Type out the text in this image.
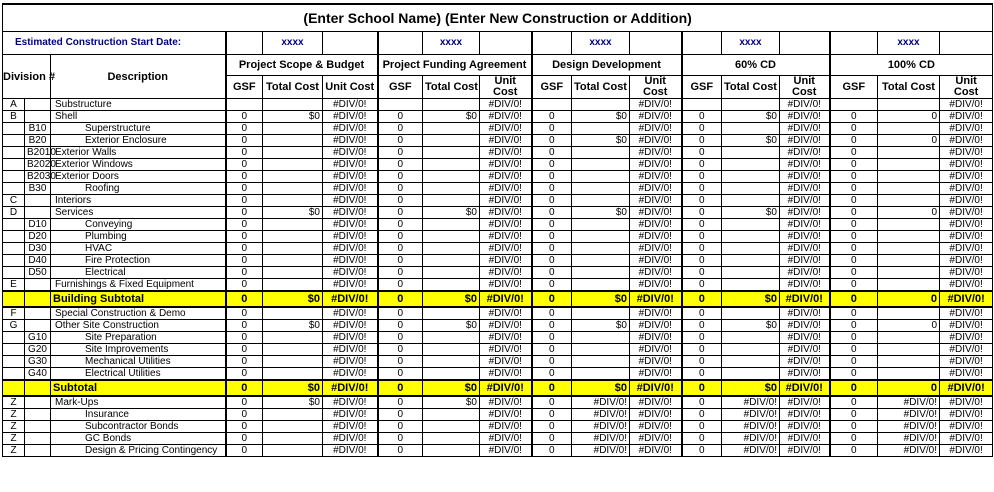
(Enter School Name) (Enter New Construction or Addition)																	
Estimated Construction Start Date:				xxxx			xxxx			xxxx			xxxx			xxxx	
Division #		Description	Project Scope & Budget			Project Funding Agreement			Design Development			60% CD			100% CD		
			GSF	Total Cost	Unit Cost	GSF	Total Cost	Unit Cost	GSF	Total Cost	Unit Cost	GSF	Total Cost	Unit Cost	GSF	Total Cost	Unit Cost
A		Substructure			#DIV/0!			#DIV/0!			#DIV/0!			#DIV/0!			#DIV/0!
B		Shell	0	$0	#DIV/0!	0	$0	#DIV/0!	0	$0	#DIV/0!	0	$0	#DIV/0!	0	0	#DIV/0!
	B10	Superstructure	0		#DIV/0!	0		#DIV/0!	0		#DIV/0!	0		#DIV/0!	0		#DIV/0!
	B20	Exterior Enclosure	0		#DIV/0!	0		#DIV/0!	0	$0	#DIV/0!	0	$0	#DIV/0!	0	0	#DIV/0!
	B2010	Exterior Walls	0		#DIV/0!	0		#DIV/0!	0		#DIV/0!	0		#DIV/0!	0		#DIV/0!
	B2020	Exterior Windows	0		#DIV/0!	0		#DIV/0!	0		#DIV/0!	0		#DIV/0!	0		#DIV/0!
	B2030	Exterior Doors	0		#DIV/0!	0		#DIV/0!	0		#DIV/0!	0		#DIV/0!	0		#DIV/0!
	B30	Roofing	0		#DIV/0!	0		#DIV/0!	0		#DIV/0!	0		#DIV/0!	0		#DIV/0!
C		Interiors	0		#DIV/0!	0		#DIV/0!	0		#DIV/0!	0		#DIV/0!	0		#DIV/0!
D		Services	0	$0	#DIV/0!	0	$0	#DIV/0!	0	$0	#DIV/0!	0	$0	#DIV/0!	0	0	#DIV/0!
	D10	Conveying	0		#DIV/0!	0		#DIV/0!	0		#DIV/0!	0		#DIV/0!	0		#DIV/0!
	D20	Plumbing	0		#DIV/0!	0		#DIV/0!	0		#DIV/0!	0		#DIV/0!	0		#DIV/0!
	D30	HVAC	0		#DIV/0!	0		#DIV/0!	0		#DIV/0!	0		#DIV/0!	0		#DIV/0!
	D40	Fire Protection	0		#DIV/0!	0		#DIV/0!	0		#DIV/0!	0		#DIV/0!	0		#DIV/0!
	D50	Electrical	0		#DIV/0!	0		#DIV/0!	0		#DIV/0!	0		#DIV/0!	0		#DIV/0!
E		Furnishings & Fixed Equipment	0		#DIV/0!	0		#DIV/0!	0		#DIV/0!	0		#DIV/0!	0		#DIV/0!
		Building Subtotal	0	$0	#DIV/0!	0	$0	#DIV/0!	0	$0	#DIV/0!	0	$0	#DIV/0!	0	0	#DIV/0!
F		Special Construction & Demo	0		#DIV/0!	0		#DIV/0!	0		#DIV/0!	0		#DIV/0!	0		#DIV/0!
G		Other Site Construction	0	$0	#DIV/0!	0	$0	#DIV/0!	0	$0	#DIV/0!	0	$0	#DIV/0!	0	0	#DIV/0!
	G10	Site Preparation	0		#DIV/0!	0		#DIV/0!	0		#DIV/0!	0		#DIV/0!	0		#DIV/0!
	G20	Site Improvements	0		#DIV/0!	0		#DIV/0!	0		#DIV/0!	0		#DIV/0!	0		#DIV/0!
	G30	Mechanical Utilities	0		#DIV/0!	0		#DIV/0!	0		#DIV/0!	0		#DIV/0!	0		#DIV/0!
	G40	Electrical Utilities	0		#DIV/0!	0		#DIV/0!	0		#DIV/0!	0		#DIV/0!	0		#DIV/0!
		Subtotal	0	$0	#DIV/0!	0	$0	#DIV/0!	0	$0	#DIV/0!	0	$0	#DIV/0!	0	0	#DIV/0!
Z		Mark-Ups	0	$0	#DIV/0!	0	$0	#DIV/0!	0	#DIV/0!	#DIV/0!	0	#DIV/0!	#DIV/0!	0	#DIV/0!	#DIV/0!
Z		Insurance	0		#DIV/0!	0		#DIV/0!	0	#DIV/0!	#DIV/0!	0	#DIV/0!	#DIV/0!	0	#DIV/0!	#DIV/0!
Z		Subcontractor Bonds	0		#DIV/0!	0		#DIV/0!	0	#DIV/0!	#DIV/0!	0	#DIV/0!	#DIV/0!	0	#DIV/0!	#DIV/0!
Z		GC Bonds	0		#DIV/0!	0		#DIV/0!	0	#DIV/0!	#DIV/0!	0	#DIV/0!	#DIV/0!	0	#DIV/0!	#DIV/0!
Z		Design & Pricing Contingency	0		#DIV/0!	0		#DIV/0!	0	#DIV/0!	#DIV/0!	0	#DIV/0!	#DIV/0!	0	#DIV/0!	#DIV/0!
